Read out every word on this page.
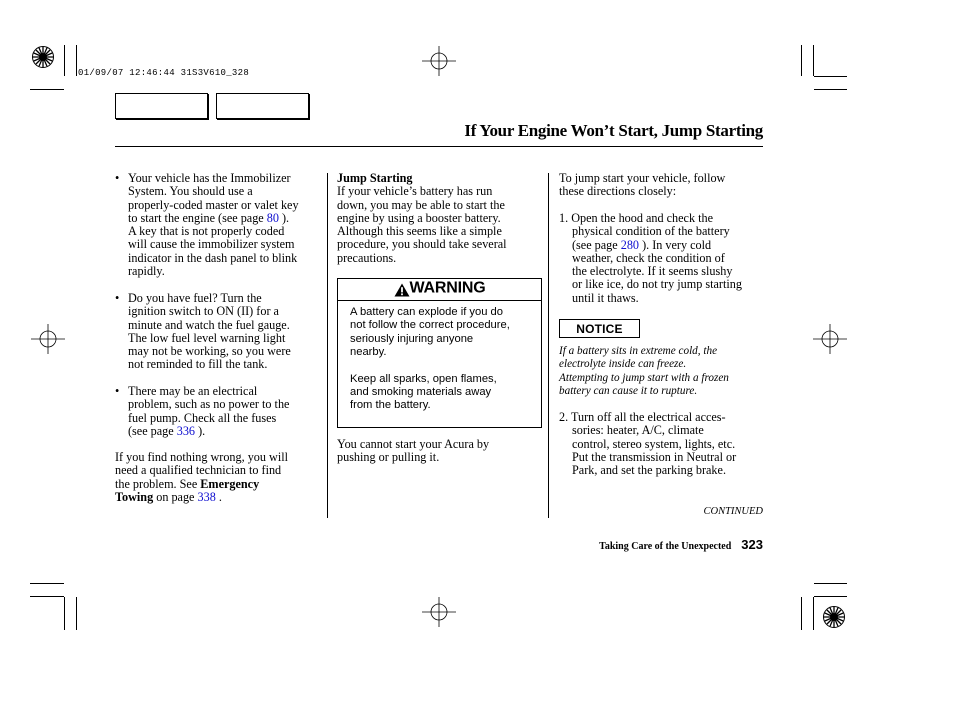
01/09/07 12:46:44 31S3V610_328
If Your Engine Won’t Start, Jump Starting
• Your vehicle has the Immobilizer
System. You should use a
properly-coded master or valet key
to start the engine (see page 80 ).
A key that is not properly coded
will cause the immobilizer system
indicator in the dash panel to blink
rapidly.
• Do you have fuel? Turn the
ignition switch to ON (II) for a
minute and watch the fuel gauge.
The low fuel level warning light
may not be working, so you were
not reminded to fill the tank.
• There may be an electrical
problem, such as no power to the
fuel pump. Check all the fuses
(see page 336 ).
If you find nothing wrong, you will
need a qualified technician to find
the problem. See Emergency
Towing on page 338 .
Jump Starting
If your vehicle’s battery has run
down, you may be able to start the
engine by using a booster battery.
Although this seems like a simple
procedure, you should take several
precautions.
WARNING
A battery can explode if you do
not follow the correct procedure,
seriously injuring anyone
nearby.
Keep all sparks, open flames,
and smoking materials away
from the battery.
You cannot start your Acura by
pushing or pulling it.
To jump start your vehicle, follow
these directions closely:
1. Open the hood and check the
physical condition of the battery
(see page 280 ). In very cold
weather, check the condition of
the electrolyte. If it seems slushy
or like ice, do not try jump starting
until it thaws.
NOTICE
If a battery sits in extreme cold, the
electrolyte inside can freeze.
Attempting to jump start with a frozen
battery can cause it to rupture.
2. Turn off all the electrical acces-
sories: heater, A/C, climate
control, stereo system, lights, etc.
Put the transmission in Neutral or
Park, and set the parking brake.
CONTINUED
Taking Care of the Unexpected 323
